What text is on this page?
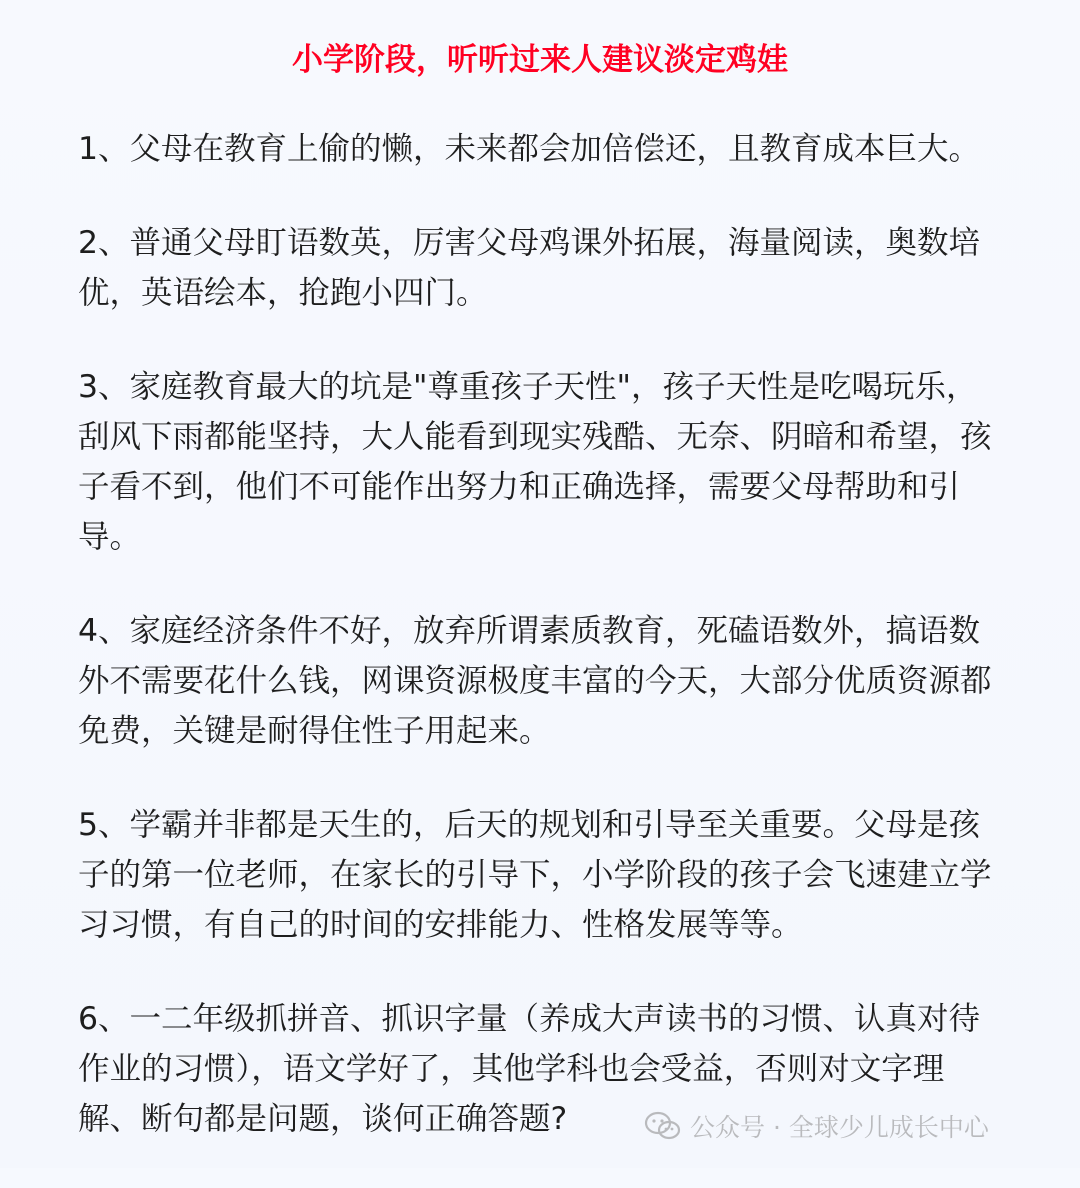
小学阶段，听听过来人建议淡定鸡娃

1、父母在教育上偷的懒，未来都会加倍偿还，且教育成本巨大。

2、普通父母盯语数英，厉害父母鸡课外拓展，海量阅读，奥数培优，英语绘本，抢跑小四门。

3、家庭教育最大的坑是"尊重孩子天性"，孩子天性是吃喝玩乐，刮风下雨都能坚持，大人能看到现实残酷、无奈、阴暗和希望，孩子看不到，他们不可能作出努力和正确选择，需要父母帮助和引导。

4、家庭经济条件不好，放弃所谓素质教育，死磕语数外，搞语数外不需要花什么钱，网课资源极度丰富的今天，大部分优质资源都免费，关键是耐得住性子用起来。

5、学霸并非都是天生的，后天的规划和引导至关重要。父母是孩子的第一位老师，在家长的引导下，小学阶段的孩子会飞速建立学习习惯，有自己的时间的安排能力、性格发展等等。

6、一二年级抓拼音、抓识字量（养成大声读书的习惯、认真对待作业的习惯），语文学好了，其他学科也会受益，否则对文字理解、断句都是问题，谈何正确答题?	公众号 · 全球少儿成长中心
